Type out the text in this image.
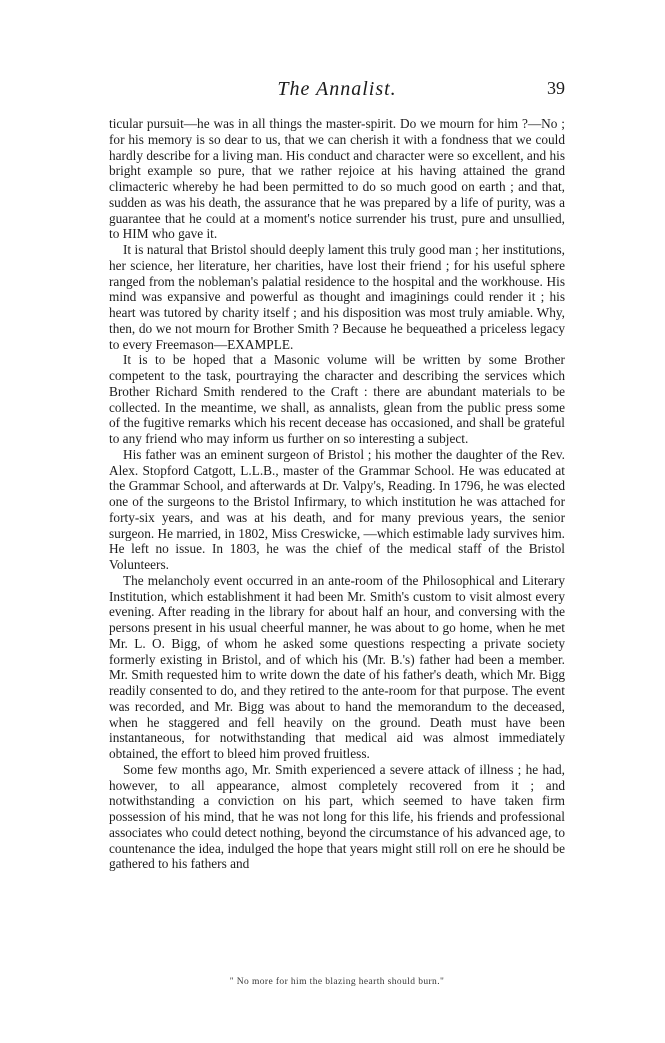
The Annalist.	39

ticular pursuit—he was in all things the master-spirit. Do we mourn for him ?—No ; for his memory is so dear to us, that we can cherish it with a fondness that we could hardly describe for a living man. His conduct and character were so excellent, and his bright example so pure, that we rather rejoice at his having attained the grand climacteric whereby he had been permitted to do so much good on earth ; and that, sudden as was his death, the assurance that he was prepared by a life of purity, was a guarantee that he could at a moment's notice surrender his trust, pure and unsullied, to HIM who gave it.

It is natural that Bristol should deeply lament this truly good man ; her institutions, her science, her literature, her charities, have lost their friend ; for his useful sphere ranged from the nobleman's palatial residence to the hospital and the workhouse. His mind was expansive and powerful as thought and imaginings could render it ; his heart was tutored by charity itself ; and his disposition was most truly amiable. Why, then, do we not mourn for Brother Smith ? Because he bequeathed a priceless legacy to every Freemason—EXAMPLE.

It is to be hoped that a Masonic volume will be written by some Brother competent to the task, pourtraying the character and describing the services which Brother Richard Smith rendered to the Craft : there are abundant materials to be collected. In the meantime, we shall, as annalists, glean from the public press some of the fugitive remarks which his recent decease has occasioned, and shall be grateful to any friend who may inform us further on so interesting a subject.

His father was an eminent surgeon of Bristol ; his mother the daughter of the Rev. Alex. Stopford Catgott, L.L.B., master of the Grammar School. He was educated at the Grammar School, and afterwards at Dr. Valpy's, Reading. In 1796, he was elected one of the surgeons to the Bristol Infirmary, to which institution he was attached for forty-six years, and was at his death, and for many previous years, the senior surgeon. He married, in 1802, Miss Creswicke, —which estimable lady survives him. He left no issue. In 1803, he was the chief of the medical staff of the Bristol Volunteers.

The melancholy event occurred in an ante-room of the Philosophical and Literary Institution, which establishment it had been Mr. Smith's custom to visit almost every evening. After reading in the library for about half an hour, and conversing with the persons present in his usual cheerful manner, he was about to go home, when he met Mr. L. O. Bigg, of whom he asked some questions respecting a private society formerly existing in Bristol, and of which his (Mr. B.'s) father had been a member. Mr. Smith requested him to write down the date of his father's death, which Mr. Bigg readily consented to do, and they retired to the ante-room for that purpose. The event was recorded, and Mr. Bigg was about to hand the memorandum to the deceased, when he staggered and fell heavily on the ground. Death must have been instantaneous, for notwithstanding that medical aid was almost immediately obtained, the effort to bleed him proved fruitless.

Some few months ago, Mr. Smith experienced a severe attack of illness ; he had, however, to all appearance, almost completely recovered from it ; and notwithstanding a conviction on his part, which seemed to have taken firm possession of his mind, that he was not long for this life, his friends and professional associates who could detect nothing, beyond the circumstance of his advanced age, to countenance the idea, indulged the hope that years might still roll on ere he should be gathered to his fathers and

" No more for him the blazing hearth should burn."
